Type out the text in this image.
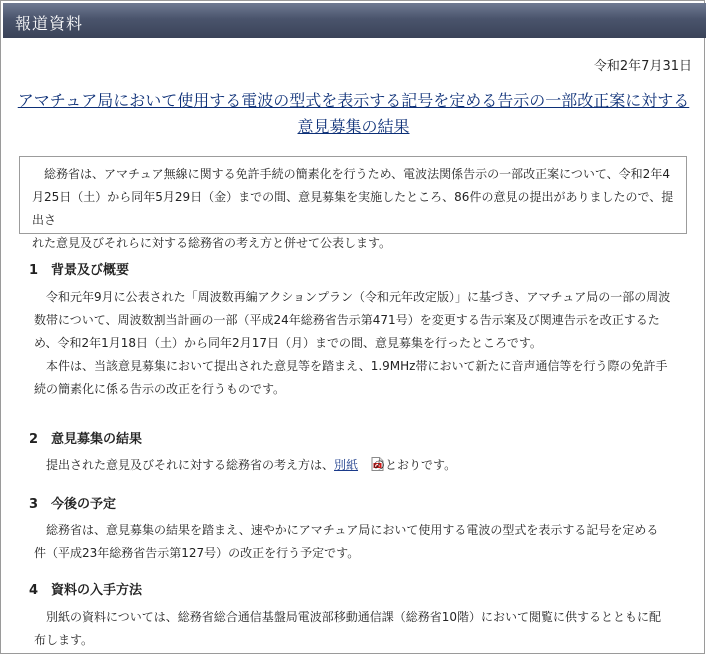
報道資料
令和2年7月31日
アマチュア局において使用する電波の型式を表示する記号を定める告示の一部改正案に対する
意見募集の結果

総務省は、アマチュア無線に関する免許手続の簡素化を行うため、電波法関係告示の一部改正案について、令和2年4

月25日（土）から同年5月29日（金）までの間、意見募集を実施したところ、86件の意見の提出がありましたので、提出さ
れた意見及びそれらに対する総務省の考え方と併せて公表します。
1　背景及び概要

令和元年9月に公表された「周波数再編アクションプラン（令和元年改定版）」に基づき、アマチュア局の一部の周波

数帯について、周波数割当計画の一部（平成24年総務省告示第471号）を変更する告示案及び関連告示を改正するた
め、令和2年1月18日（土）から同年2月17日（月）までの間、意見募集を行ったところです。

本件は、当該意見募集において提出された意見等を踏まえ、1.9MHz帯において新たに音声通信等を行う際の免許手

続の簡素化に係る告示の改正を行うものです。
2　意見募集の結果

提出された意見及びそれに対する総務省の考え方は、別紙 のとおりです。

3　今後の予定

総務省は、意見募集の結果を踏まえ、速やかにアマチュア局において使用する電波の型式を表示する記号を定める

件（平成23年総務省告示第127号）の改正を行う予定です。
4　資料の入手方法

別紙の資料については、総務省総合通信基盤局電波部移動通信課（総務省10階）において閲覧に供するとともに配

布します。
